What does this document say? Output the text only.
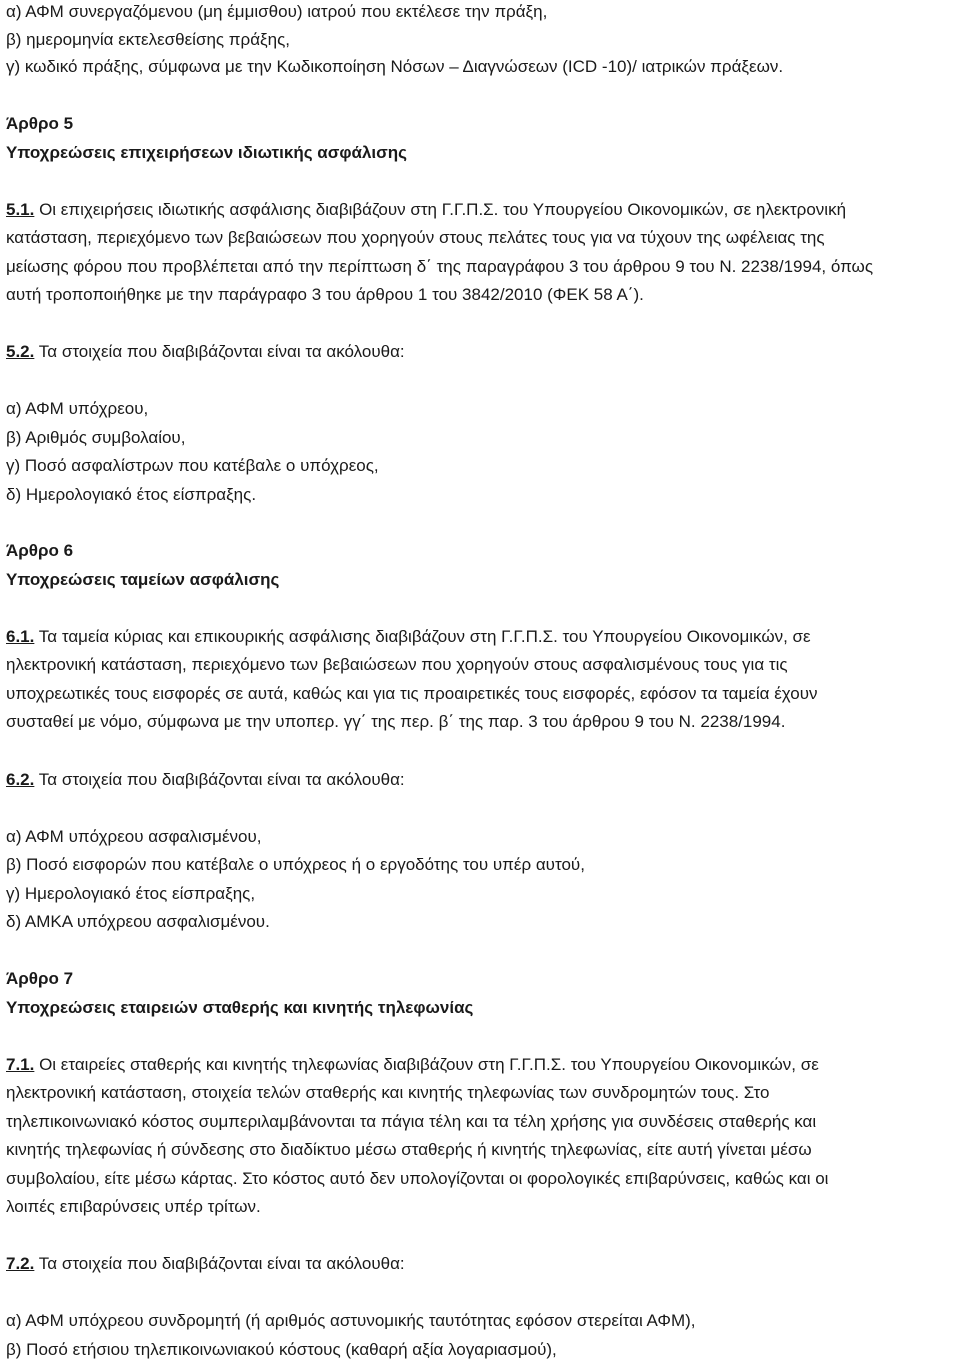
α) ΑΦΜ συνεργαζόμενου (μη έμμισθου) ιατρού που εκτέλεσε την πράξη,
β) ημερομηνία εκτελεσθείσης πράξης,
γ) κωδικό πράξης, σύμφωνα με την Κωδικοποίηση Νόσων – Διαγνώσεων (ICD ‑10)/ ιατρικών πράξεων.
Άρθρο 5
Υποχρεώσεις επιχειρήσεων ιδιωτικής ασφάλισης
5.1. Οι επιχειρήσεις ιδιωτικής ασφάλισης διαβιβάζουν στη Γ.Γ.Π.Σ. του Υπουργείου Οικονομικών, σε ηλεκτρονική
κατάσταση, περιεχόμενο των βεβαιώσεων που χορηγούν στους πελάτες τους για να τύχουν της ωφέλειας της
μείωσης φόρου που προβλέπεται από την περίπτωση δ΄ της παραγράφου 3 του άρθρου 9 του Ν. 2238/1994, όπως
αυτή τροποποιήθηκε με την παράγραφο 3 του άρθρου 1 του 3842/2010 (ΦΕΚ 58 Α΄).
5.2. Τα στοιχεία που διαβιβάζονται είναι τα ακόλουθα:
α) ΑΦΜ υπόχρεου,
β) Αριθμός συμβολαίου,
γ) Ποσό ασφαλίστρων που κατέβαλε ο υπόχρεος,
δ) Ημερολογιακό έτος είσπραξης.
Άρθρο 6
Υποχρεώσεις ταμείων ασφάλισης
6.1. Τα ταμεία κύριας και επικουρικής ασφάλισης διαβιβάζουν στη Γ.Γ.Π.Σ. του Υπουργείου Οικονομικών, σε
ηλεκτρονική κατάσταση, περιεχόμενο των βεβαιώσεων που χορηγούν στους ασφαλισμένους τους για τις
υποχρεωτικές τους εισφορές σε αυτά, καθώς και για τις προαιρετικές τους εισφορές, εφόσον τα ταμεία έχουν
συσταθεί με νόμο, σύμφωνα με την υποπερ. γγ΄ της περ. β΄ της παρ. 3 του άρθρου 9 του Ν. 2238/1994.
6.2. Τα στοιχεία που διαβιβάζονται είναι τα ακόλουθα:
α) ΑΦΜ υπόχρεου ασφαλισμένου,
β) Ποσό εισφορών που κατέβαλε ο υπόχρεος ή ο εργοδότης του υπέρ αυτού,
γ) Ημερολογιακό έτος είσπραξης,
δ) ΑΜΚΑ υπόχρεου ασφαλισμένου.
Άρθρο 7
Υποχρεώσεις εταιρειών σταθερής και κινητής τηλεφωνίας
7.1. Οι εταιρείες σταθερής και κινητής τηλεφωνίας διαβιβάζουν στη Γ.Γ.Π.Σ. του Υπουργείου Οικονομικών, σε
ηλεκτρονική κατάσταση, στοιχεία τελών σταθερής και κινητής τηλεφωνίας των συνδρομητών τους. Στο
τηλεπικοινωνιακό κόστος συμπεριλαμβάνονται τα πάγια τέλη και τα τέλη χρήσης για συνδέσεις σταθερής και
κινητής τηλεφωνίας ή σύνδεσης στο διαδίκτυο μέσω σταθερής ή κινητής τηλεφωνίας, είτε αυτή γίνεται μέσω
συμβολαίου, είτε μέσω κάρτας. Στο κόστος αυτό δεν υπολογίζονται οι φορολογικές επιβαρύνσεις, καθώς και οι
λοιπές επιβαρύνσεις υπέρ τρίτων.
7.2. Τα στοιχεία που διαβιβάζονται είναι τα ακόλουθα:
α) ΑΦΜ υπόχρεου συνδρομητή (ή αριθμός αστυνομικής ταυτότητας εφόσον στερείται ΑΦΜ),
β) Ποσό ετήσιου τηλεπικοινωνιακού κόστους (καθαρή αξία λογαριασμού),
